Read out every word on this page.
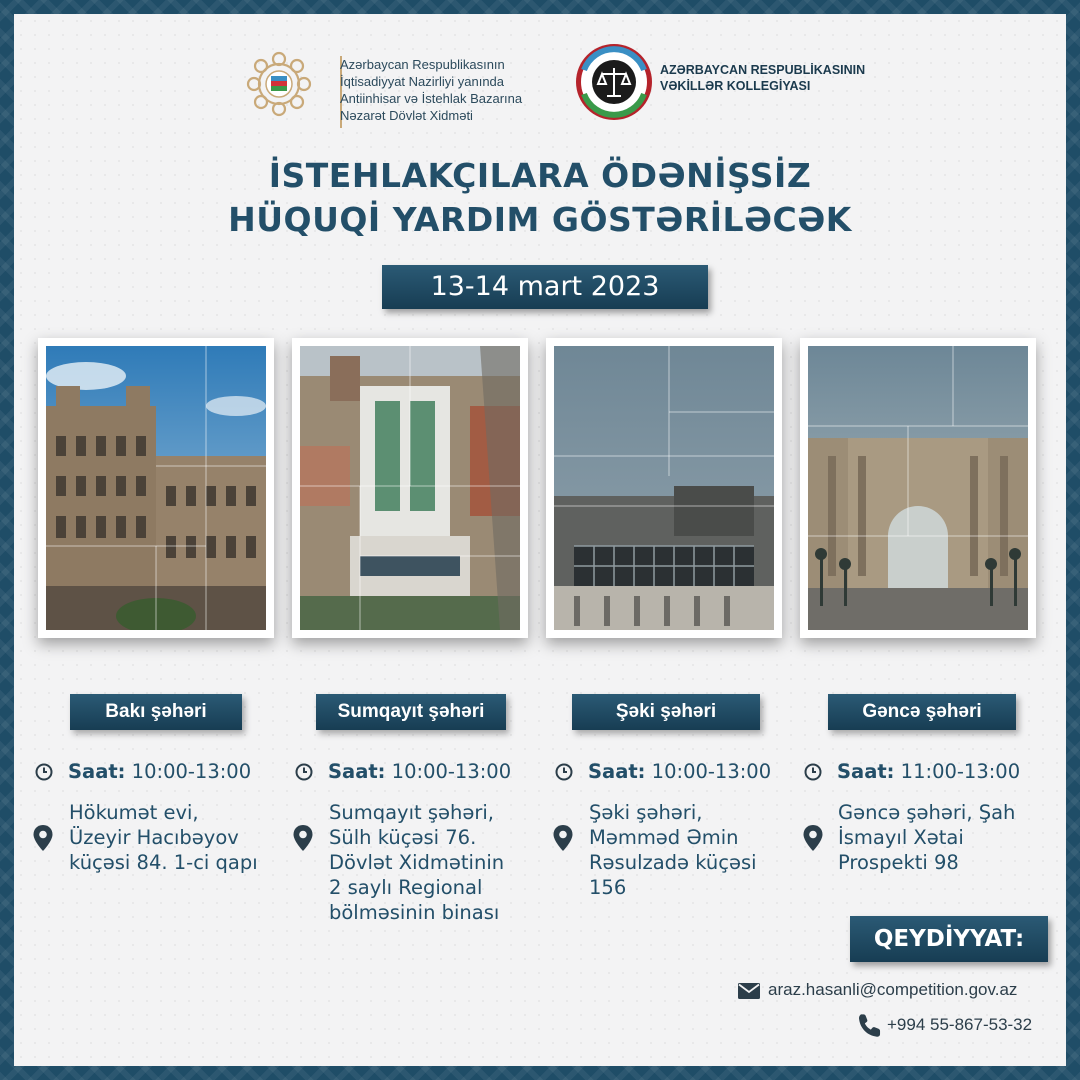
Azərbaycan Respublikasının
İqtisadiyyat Nazirliyi yanında
Antiinhisar və İstehlak Bazarına
Nəzarət Dövlət Xidməti
AZƏRBAYCAN RESPUBLİKASININ
VƏKİLLƏR KOLLEGİYASI
İSTEHLAKÇILARA ÖDƏNİŞSİZ
HÜQUQİ YARDIM GÖSTƏRİLƏCƏK
13-14 mart 2023
Bakı şəhəri
Saat: 10:00-13:00
Hökumət evi,
Üzeyir Hacıbəyov
küçəsi 84. 1-ci qapı
Sumqayıt şəhəri
Saat: 10:00-13:00
Sumqayıt şəhəri,
Sülh küçəsi 76.
Dövlət Xidmətinin
2 saylı Regional
bölməsinin binası
Şəki şəhəri
Saat: 10:00-13:00
Şəki şəhəri,
Məmməd Əmin
Rəsulzadə küçəsi
156
Gəncə şəhəri
Saat: 11:00-13:00
Gəncə şəhəri, Şah
İsmayıl Xətai
Prospekti 98
QEYDİYYAT:
araz.hasanli@competition.gov.az
+994 55-867-53-32
